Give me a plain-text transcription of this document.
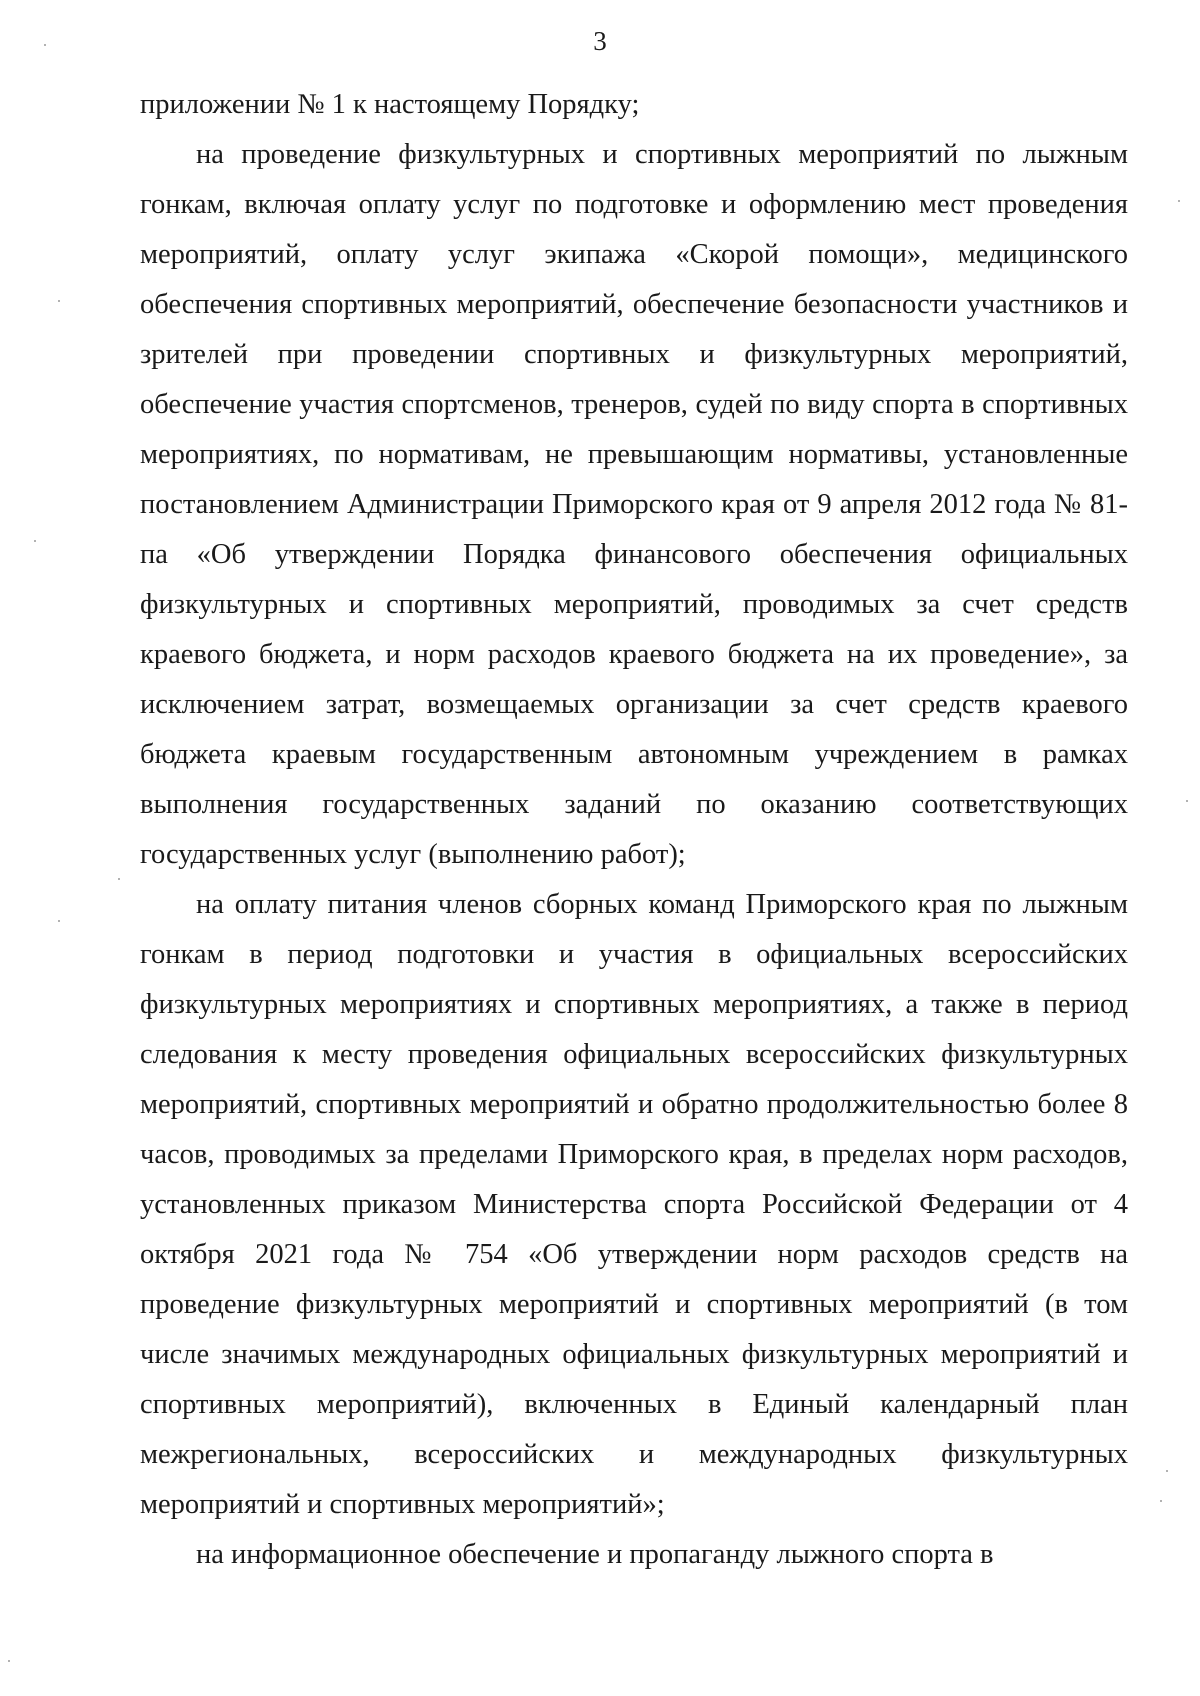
3

приложении № 1 к настоящему Порядку;

на проведение физкультурных и спортивных мероприятий по лыжным гонкам, включая оплату услуг по подготовке и оформлению мест проведения мероприятий, оплату услуг экипажа «Скорой помощи», медицинского обеспечения спортивных мероприятий, обеспечение безопасности участников и зрителей при проведении спортивных и физкультурных мероприятий, обеспечение участия спортсменов, тренеров, судей по виду спорта в спортивных мероприятиях, по нормативам, не превышающим нормативы, установленные постановлением Администрации Приморского края от 9 апреля 2012 года № 81-па «Об утверждении Порядка финансового обеспечения официальных физкультурных и спортивных мероприятий, проводимых за счет средств краевого бюджета, и норм расходов краевого бюджета на их проведение», за исключением затрат, возмещаемых организации за счет средств краевого бюджета краевым государственным автономным учреждением в рамках выполнения государственных заданий по оказанию соответствующих государственных услуг (выполнению работ);

на оплату питания членов сборных команд Приморского края по лыжным гонкам в период подготовки и участия в официальных всероссийских физкультурных мероприятиях и спортивных мероприятиях, а также в период следования к месту проведения официальных всероссийских физкультурных мероприятий, спортивных мероприятий и обратно продолжительностью более 8 часов, проводимых за пределами Приморского края, в пределах норм расходов, установленных приказом Министерства спорта Российской Федерации от 4 октября 2021 года № 754 «Об утверждении норм расходов средств на проведение физкультурных мероприятий и спортивных мероприятий (в том числе значимых международных официальных физкультурных мероприятий и спортивных мероприятий), включенных в Единый календарный план межрегиональных, всероссийских и международных физкультурных мероприятий и спортивных мероприятий»;

на информационное обеспечение и пропаганду лыжного спорта в
